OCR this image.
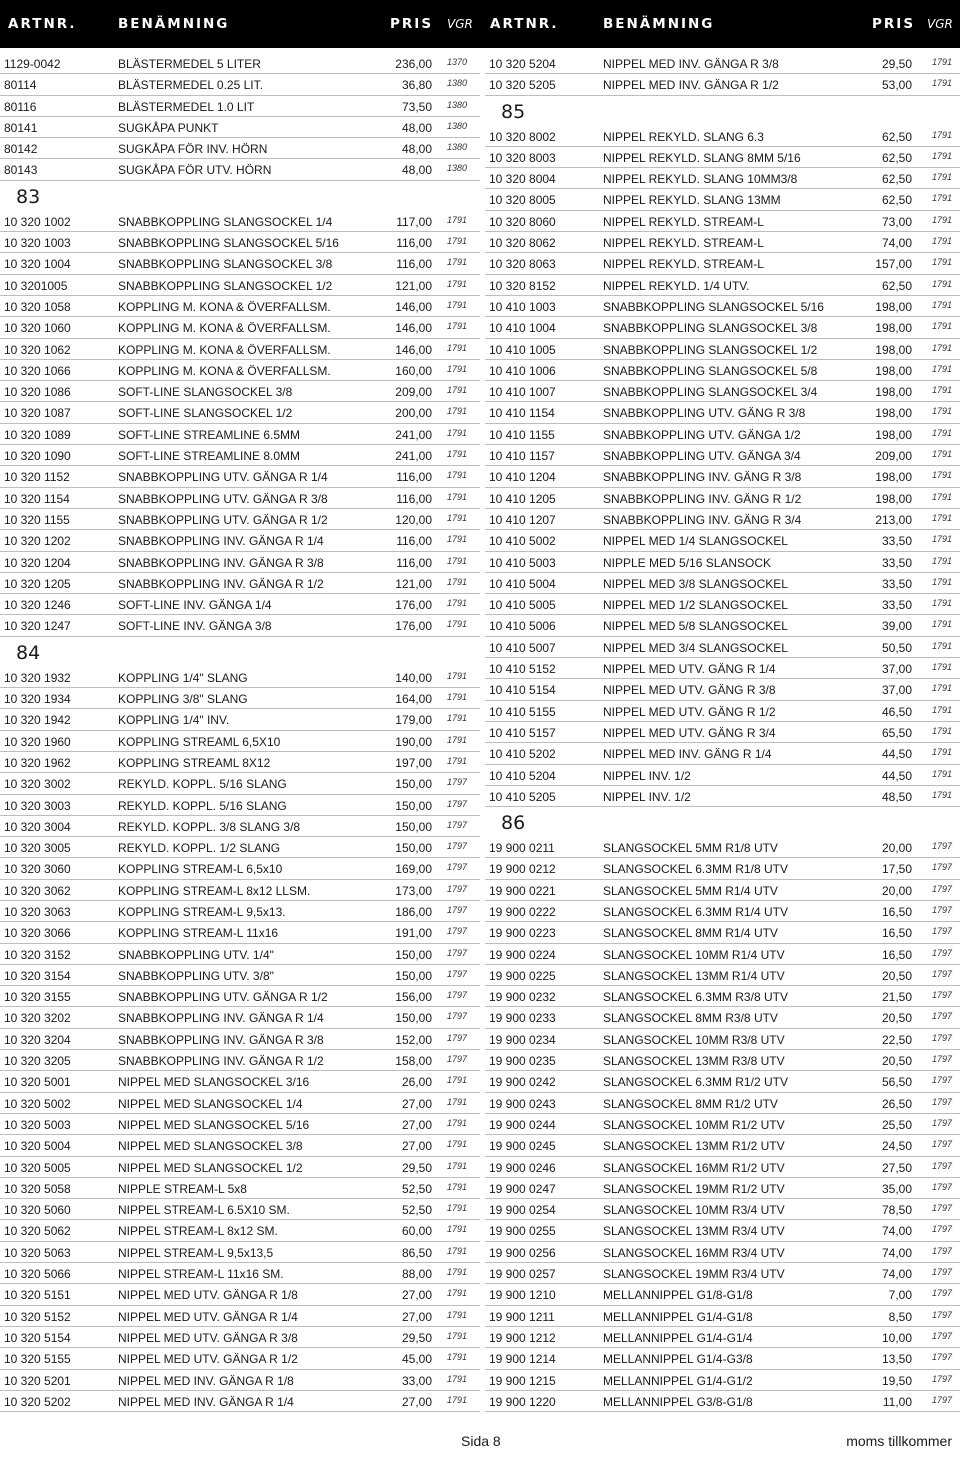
ARTNR.	BENÄMNING	PRIS VGR ARTNR.	BENÄMNING	PRIS VGR
1129-0042	BLÄSTERMEDEL 5 LITER	236,00 1370
80114	BLÄSTERMEDEL 0.25 LIT.	36,80 1380
80116	BLÄSTERMEDEL 1.0 LIT	73,50 1380
80141	SUGKÅPA PUNKT	48,00 1380
80142	SUGKÅPA FÖR INV. HÖRN	48,00 1380
80143	SUGKÅPA FÖR UTV. HÖRN	48,00 1380
83
10 320 1002	SNABBKOPPLING SLANGSOCKEL 1/4	117,00 1791
10 320 1003	SNABBKOPPLING SLANGSOCKEL 5/16	116,00 1791
10 320 1004	SNABBKOPPLING SLANGSOCKEL 3/8	116,00 1791
10 3201005	SNABBKOPPLING SLANGSOCKEL 1/2	121,00 1791
10 320 1058	KOPPLING M. KONA & ÖVERFALLSM.	146,00 1791
10 320 1060	KOPPLING M. KONA & ÖVERFALLSM.	146,00 1791
10 320 1062	KOPPLING M. KONA & ÖVERFALLSM.	146,00 1791
10 320 1066	KOPPLING M. KONA & ÖVERFALLSM.	160,00 1791
10 320 1086	SOFT-LINE SLANGSOCKEL 3/8	209,00 1791
10 320 1087	SOFT-LINE SLANGSOCKEL 1/2	200,00 1791
10 320 1089	SOFT-LINE STREAMLINE 6.5MM	241,00 1791
10 320 1090	SOFT-LINE STREAMLINE 8.0MM	241,00 1791
10 320 1152	SNABBKOPPLING UTV. GÄNGA R 1/4	116,00 1791
10 320 1154	SNABBKOPPLING UTV. GÄNGA R 3/8	116,00 1791
10 320 1155	SNABBKOPPLING UTV. GÄNGA R 1/2	120,00 1791
10 320 1202	SNABBKOPPLING INV. GÄNGA R 1/4	116,00 1791
10 320 1204	SNABBKOPPLING INV. GÄNGA R 3/8	116,00 1791
10 320 1205	SNABBKOPPLING INV. GÄNGA R 1/2	121,00 1791
10 320 1246	SOFT-LINE INV. GÄNGA 1/4	176,00 1791
10 320 1247	SOFT-LINE INV. GÄNGA 3/8	176,00 1791
84
10 320 1932	KOPPLING 1/4" SLANG	140,00 1791
10 320 1934	KOPPLING 3/8" SLANG	164,00 1791
10 320 1942	KOPPLING 1/4" INV.	179,00 1791
10 320 1960	KOPPLING STREAML 6,5X10	190,00 1791
10 320 1962	KOPPLING STREAML 8X12	197,00 1791
10 320 3002	REKYLD. KOPPL. 5/16 SLANG	150,00 1797
10 320 3003	REKYLD. KOPPL. 5/16 SLANG	150,00 1797
10 320 3004	REKYLD. KOPPL. 3/8 SLANG 3/8	150,00 1797
10 320 3005	REKYLD. KOPPL. 1/2 SLANG	150,00 1797
10 320 3060	KOPPLING STREAM-L 6,5x10	169,00 1797
10 320 3062	KOPPLING STREAM-L 8x12 LLSM.	173,00 1797
10 320 3063	KOPPLING STREAM-L 9,5x13.	186,00 1797
10 320 3066	KOPPLING STREAM-L 11x16	191,00 1797
10 320 3152	SNABBKOPPLING UTV. 1/4"	150,00 1797
10 320 3154	SNABBKOPPLING UTV. 3/8"	150,00 1797
10 320 3155	SNABBKOPPLING UTV. GÄNGA R 1/2	156,00 1797
10 320 3202	SNABBKOPPLING INV. GÄNGA R 1/4	150,00 1797
10 320 3204	SNABBKOPPLING INV. GÄNGA R 3/8	152,00 1797
10 320 3205	SNABBKOPPLING INV. GÄNGA R 1/2	158,00 1797
10 320 5001	NIPPEL MED SLANGSOCKEL 3/16	26,00 1791
10 320 5002	NIPPEL MED SLANGSOCKEL 1/4	27,00 1791
10 320 5003	NIPPEL MED SLANGSOCKEL 5/16	27,00 1791
10 320 5004	NIPPEL MED SLANGSOCKEL 3/8	27,00 1791
10 320 5005	NIPPEL MED SLANGSOCKEL 1/2	29,50 1791
10 320 5058	NIPPLE STREAM-L 5x8	52,50 1791
10 320 5060	NIPPEL STREAM-L 6.5X10 SM.	52,50 1791
10 320 5062	NIPPEL STREAM-L 8x12 SM.	60,00 1791
10 320 5063	NIPPEL STREAM-L 9,5x13,5	86,50 1791
10 320 5066	NIPPEL STREAM-L 11x16 SM.	88,00 1791
10 320 5151	NIPPEL MED UTV. GÄNGA R 1/8	27,00 1791
10 320 5152	NIPPEL MED UTV. GÄNGA R 1/4	27,00 1791
10 320 5154	NIPPEL MED UTV. GÄNGA R 3/8	29,50 1791
10 320 5155	NIPPEL MED UTV. GÄNGA R 1/2	45,00 1791
10 320 5201	NIPPEL MED INV. GÄNGA R 1/8	33,00 1791
10 320 5202	NIPPEL MED INV. GÄNGA R 1/4	27,00 1791
10 320 5204	NIPPEL MED INV. GÄNGA R 3/8	29,50 1791
10 320 5205	NIPPEL MED INV. GÄNGA R 1/2	53,00 1791
85
10 320 8002	NIPPEL REKYLD. SLANG 6.3	62,50 1791
10 320 8003	NIPPEL REKYLD. SLANG 8MM 5/16	62,50 1791
10 320 8004	NIPPEL REKYLD. SLANG 10MM3/8	62,50 1791
10 320 8005	NIPPEL REKYLD. SLANG 13MM	62,50 1791
10 320 8060	NIPPEL REKYLD. STREAM-L	73,00 1791
10 320 8062	NIPPEL REKYLD. STREAM-L	74,00 1791
10 320 8063	NIPPEL REKYLD. STREAM-L	157,00 1791
10 320 8152	NIPPEL REKYLD. 1/4 UTV.	62,50 1791
10 410 1003	SNABBKOPPLING SLANGSOCKEL 5/16	198,00 1791
10 410 1004	SNABBKOPPLING SLANGSOCKEL 3/8	198,00 1791
10 410 1005	SNABBKOPPLING SLANGSOCKEL 1/2	198,00 1791
10 410 1006	SNABBKOPPLING SLANGSOCKEL 5/8	198,00 1791
10 410 1007	SNABBKOPPLING SLANGSOCKEL 3/4	198,00 1791
10 410 1154	SNABBKOPPLING UTV. GÄNG R 3/8	198,00 1791
10 410 1155	SNABBKOPPLING UTV. GÄNGA 1/2	198,00 1791
10 410 1157	SNABBKOPPLING UTV. GÄNGA 3/4	209,00 1791
10 410 1204	SNABBKOPPLING INV. GÄNG R 3/8	198,00 1791
10 410 1205	SNABBKOPPLING INV. GÄNG R 1/2	198,00 1791
10 410 1207	SNABBKOPPLING INV. GÄNG R 3/4	213,00 1791
10 410 5002	NIPPEL MED 1/4 SLANGSOCKEL	33,50 1791
10 410 5003	NIPPLE MED 5/16 SLANSOCK	33,50 1791
10 410 5004	NIPPEL MED 3/8 SLANGSOCKEL	33,50 1791
10 410 5005	NIPPEL MED 1/2 SLANGSOCKEL	33,50 1791
10 410 5006	NIPPEL MED 5/8 SLANGSOCKEL	39,00 1791
10 410 5007	NIPPEL MED 3/4 SLANGSOCKEL	50,50 1791
10 410 5152	NIPPEL MED UTV. GÄNG R 1/4	37,00 1791
10 410 5154	NIPPEL MED UTV. GÄNG R 3/8	37,00 1791
10 410 5155	NIPPEL MED UTV. GÄNG R 1/2	46,50 1791
10 410 5157	NIPPEL MED UTV. GÄNG R 3/4	65,50 1791
10 410 5202	NIPPEL MED INV. GÄNG R 1/4	44,50 1791
10 410 5204	NIPPEL INV. 1/2	44,50 1791
10 410 5205	NIPPEL INV. 1/2	48,50 1791
86
19 900 0211	SLANGSOCKEL 5MM R1/8 UTV	20,00 1797
19 900 0212	SLANGSOCKEL 6.3MM R1/8 UTV	17,50 1797
19 900 0221	SLANGSOCKEL 5MM R1/4 UTV	20,00 1797
19 900 0222	SLANGSOCKEL 6.3MM R1/4 UTV	16,50 1797
19 900 0223	SLANGSOCKEL 8MM R1/4 UTV	16,50 1797
19 900 0224	SLANGSOCKEL 10MM R1/4 UTV	16,50 1797
19 900 0225	SLANGSOCKEL 13MM R1/4 UTV	20,50 1797
19 900 0232	SLANGSOCKEL 6.3MM R3/8 UTV	21,50 1797
19 900 0233	SLANGSOCKEL 8MM R3/8 UTV	20,50 1797
19 900 0234	SLANGSOCKEL 10MM R3/8 UTV	22,50 1797
19 900 0235	SLANGSOCKEL 13MM R3/8 UTV	20,50 1797
19 900 0242	SLANGSOCKEL 6.3MM R1/2 UTV	56,50 1797
19 900 0243	SLANGSOCKEL 8MM R1/2 UTV	26,50 1797
19 900 0244	SLANGSOCKEL 10MM R1/2 UTV	25,50 1797
19 900 0245	SLANGSOCKEL 13MM R1/2 UTV	24,50 1797
19 900 0246	SLANGSOCKEL 16MM R1/2 UTV	27,50 1797
19 900 0247	SLANGSOCKEL 19MM R1/2 UTV	35,00 1797
19 900 0254	SLANGSOCKEL 10MM R3/4 UTV	78,50 1797
19 900 0255	SLANGSOCKEL 13MM R3/4 UTV	74,00 1797
19 900 0256	SLANGSOCKEL 16MM R3/4 UTV	74,00 1797
19 900 0257	SLANGSOCKEL 19MM R3/4 UTV	74,00 1797
19 900 1210	MELLANNIPPEL G1/8-G1/8	7,00 1797
19 900 1211	MELLANNIPPEL G1/4-G1/8	8,50 1797
19 900 1212	MELLANNIPPEL G1/4-G1/4	10,00 1797
19 900 1214	MELLANNIPPEL G1/4-G3/8	13,50 1797
19 900 1215	MELLANNIPPEL G1/4-G1/2	19,50 1797
19 900 1220	MELLANNIPPEL G3/8-G1/8	11,00 1797
Sida 8	moms tillkommer
